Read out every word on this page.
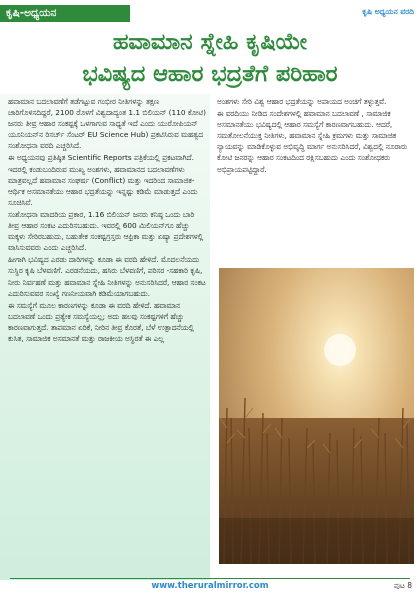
ಕೃಷಿ-ಅಧ್ಯಯನ	ಕೃಷಿ ಅಧ್ಯಯನ ವರದಿ
ಹವಾಮಾನ ಸ್ನೇಹಿ ಕೃಷಿಯೇ
ಭವಿಷ್ಯದ ಆಹಾರ ಭದ್ರತೆಗೆ ಪರಿಹಾರ

ಹವಾಮಾನ ಬದಲಾವಣೆಗೆ ತಡೆಗಟ್ಟುವ ಗಂಭೀರ ನೀತಿಗಳನ್ನು ತಕ್ಷಣ ಜಾರಿಗೊಳಿಸದಿದ್ದರೆ, 2100 ರೊಳಗೆ ವಿಶ್ವದಾದ್ಯಂತ 1.1 ಬಿಲಿಯನ್ (110 ಕೋಟಿ) ಜನರು ತೀವ್ರ ಆಹಾರ ಸಂಕಷ್ಟಕ್ಕೆ ಒಳಗಾಗುವ ಸಾಧ್ಯತೆ ಇದೆ ಎಂದು ಯುರೋಪಿಯನ್ ಯೂನಿಯನ್‌ನ ರಿಸರ್ಚ್ ಸೆಂಟರ್ EU Science Hub) ಪ್ರಕಟಿಸಿರುವ ಮಹತ್ವದ ಸಂಶೋಧನಾ ವರದಿ ಎಚ್ಚರಿಸಿದೆ.

ಈ ಅಧ್ಯಯನವು ಪ್ರತಿಷ್ಠಿತ Scientific Reports ಪತ್ರಿಕೆಯಲ್ಲಿ ಪ್ರಕಟವಾಗಿದೆ. ಇದರಲ್ಲಿ ಕಂಡುಬಂದಿರುವ ಮುಖ್ಯ ಅಂಶಗಳು, ಹವಾಮಾನದ ಬದಲಾವಣೆಗಳು ಮಾತ್ರವಲ್ಲದೆ ಹವಾಮಾನ ಸಂಘರ್ಷ (Conflict) ಮತ್ತು ಇದರಿಂದ ಸಾಮಾಜಿಕ-ಆರ್ಥಿಕ ಅಸಮಾನತೆಯು ಆಹಾರ ಭದ್ರತೆಯನ್ನು ಇನ್ನಷ್ಟು ಕಡಿಮೆ ಮಾಡುತ್ತದೆ ಎಂದು ಸೂಚಿಸಿವೆ.

ಸಂಶೋಧನಾ ಮಾದರಿಯ ಪ್ರಕಾರ, 1.16 ಬಿಲಿಯನ್ ಜನರು ಕನಿಷ್ಠ ಒಂದು ಬಾರಿ ತೀವ್ರ ಆಹಾರ ಸಂಕಟ ಎದುರಿಸಬಹುದು. ಇವರಲ್ಲಿ 600 ಮಿಲಿಯನ್‌ಗೂ ಹೆಚ್ಚು ಮಕ್ಕಳು ಸೇರಿರಬಹುದು, ಬಹುತೇಕ ಸಂಕಷ್ಟಗ್ರಸ್ತರು ಆಫ್ರಿಕಾ ಮತ್ತು ಏಷ್ಯಾ ಪ್ರದೇಶಗಳಲ್ಲಿ ವಾಸಿಸುವವರು ಎಂದು ಎಚ್ಚರಿಸಿದೆ.

ಹೀಗಾಗಿ ಭವಿಷ್ಯದ ಎರಡು ದಾರಿಗಳನ್ನು ಕೂಡಾ ಈ ವರದಿ ಹೇಳಿದೆ. ಮೊದಲನೆಯದು ಸುಸ್ಥಿರ ಕೃಷಿ ಬೆಳವಣಿಗೆ. ಎರಡನೆಯದು, ಹಸಿರು ಬೆಳವಣಿಗೆ, ಪರಿಸರ -ಸಹಕಾರಿ ಕೃಷಿ, ನೀರು ನಿರ್ವಹಣೆ ಮತ್ತು ಹವಾಮಾನ ಸ್ನೇಹಿ ನೀತಿಗಳನ್ನು ಅನುಸರಿಸಿದರೆ, ಆಹಾರ ಸಂಕಟ ಎದುರಿಸುವವರ ಸಂಖ್ಯೆ ಗಣನೀಯವಾಗಿ ಕಡಿಮೆಯಾಗಬಹುದು.

ಈ ಸಮಸ್ಯೆಗೆ ಮೂಲ ಕಾರಣಗಳನ್ನು ಕೂಡಾ ಈ ವರದಿ ಹೇಳಿದೆ. ಹವಾಮಾನ ಬದಲಾವಣೆ ಒಂದು ಪ್ರತ್ಯೇಕ ಸಮಸ್ಯೆಯಲ್ಲ; ಅದು ಹಲವು ಸಂಕಷ್ಟಗಳಿಗೆ ಹೆಚ್ಚು ಕಾರಣವಾಗುತ್ತದೆ. ತಾಪಮಾನ ಏರಿಕೆ, ನೀರಿನ ತೀವ್ರ ಕೊರತೆ, ಬೆಳೆ ಉತ್ಪಾದನೆಯಲ್ಲಿ ಕುಸಿತ, ಸಾಮಾಜಿಕ ಅಸಮಾನತೆ ಮತ್ತು ರಾಜಕೀಯ ಅಸ್ಥಿರತೆ ಈ ಎಲ್ಲ

ಅಂಶಗಳು ಸೇರಿ ವಿಶ್ವ ಆಹಾರ ಭದ್ರತೆಯನ್ನು ಅಪಾಯದ ಅಂಚಿಗೆ ತಳ್ಳುತ್ತವೆ.

ಈ ವರದಿಯು ನೀಡಿದ ಸಂದೇಶಗಳಲ್ಲಿ ಹವಾಮಾನ ಬದಲಾವಣೆ , ಸಾಮಾಜಿಕ ಅಸಮಾನತೆಯು ಭವಿಷ್ಯದಲ್ಲಿ ಆಹಾರ ಸಮಸ್ಯೆಗೆ ಕಾರಣವಾಗಬಹುದು. ಆದರೆ, ಸಮತೋಲನೆಯುಕ್ತ ನೀತಿಗಳು, ಹವಾಮಾನ ಸ್ನೇಹಿ ಕ್ರಮಗಳು ಮತ್ತು ಸಾಮಾಜಿಕ ನ್ಯಾಯವನ್ನು ಮಾಡಿಕೊಳ್ಳುವ ಅಭಿವೃದ್ಧಿ ಮಾರ್ಗ ಅನುಸರಿಸಿದರೆ, ವಿಶ್ವದಲ್ಲಿ ನೂರಾರು ಕೋಟಿ ಜನರನ್ನು ಆಹಾರ ಸಂಕಟದಿಂದ ರಕ್ಷಿಸಬಹುದು ಎಂದು ಸಂಶೋಧಕರು ಅಭಿಪ್ರಾಯಪಟ್ಟಿದ್ದಾರೆ.

www.theruralmirror.com	ಪುಟ 8
